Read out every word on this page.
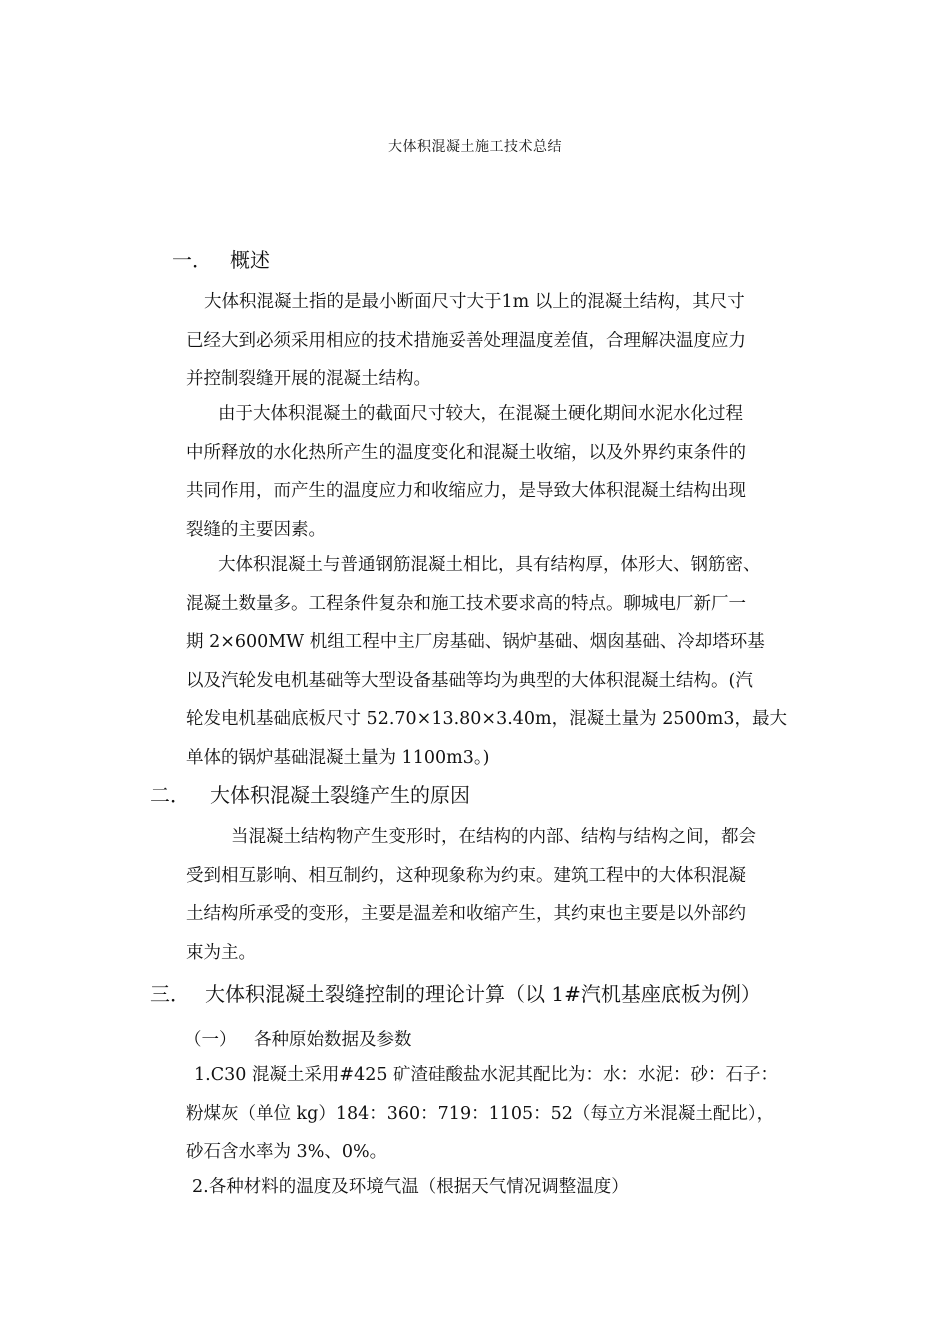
大体积混凝土施工技术总结
一． 概述
大体积混凝土指的是最小断面尺寸大于1m 以上的混凝土结构，其尺寸
已经大到必须采用相应的技术措施妥善处理温度差值，合理解决温度应力
并控制裂缝开展的混凝土结构。
由于大体积混凝土的截面尺寸较大，在混凝土硬化期间水泥水化过程
中所释放的水化热所产生的温度变化和混凝土收缩，以及外界约束条件的
共同作用，而产生的温度应力和收缩应力，是导致大体积混凝土结构出现
裂缝的主要因素。
大体积混凝土与普通钢筋混凝土相比，具有结构厚，体形大、钢筋密、
混凝土数量多。工程条件复杂和施工技术要求高的特点。聊城电厂新厂一
期 2×600MW 机组工程中主厂房基础、锅炉基础、烟囱基础、冷却塔环基
以及汽轮发电机基础等大型设备基础等均为典型的大体积混凝土结构。(汽
轮发电机基础底板尺寸 52.70×13.80×3.40m，混凝土量为 2500m3，最大
单体的锅炉基础混凝土量为 1100m3。)
二． 大体积混凝土裂缝产生的原因
当混凝土结构物产生变形时，在结构的内部、结构与结构之间，都会
受到相互影响、相互制约，这种现象称为约束。建筑工程中的大体积混凝
土结构所承受的变形，主要是温差和收缩产生，其约束也主要是以外部约
束为主。
三． 大体积混凝土裂缝控制的理论计算（以 1#汽机基座底板为例）
（一） 各种原始数据及参数
1.C30 混凝土采用#425 矿渣硅酸盐水泥其配比为：水：水泥：砂：石子：
粉煤灰（单位 kg）184：360：719：1105：52（每立方米混凝土配比），
砂石含水率为 3%、0%。
2.各种材料的温度及环境气温（根据天气情况调整温度）
